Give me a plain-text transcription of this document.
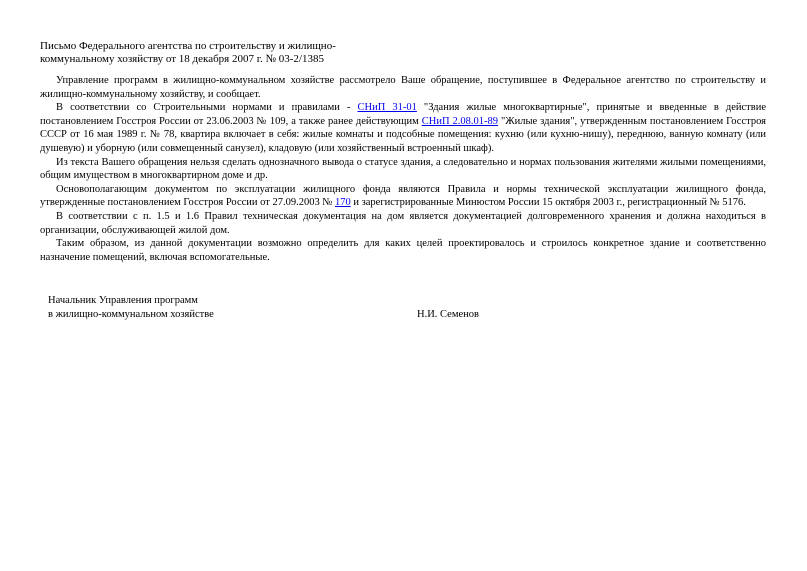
Письмо Федерального агентства по строительству и жилищно-
коммунальному хозяйству от 18 декабря 2007 г. № 03-2/1385

Управление программ в жилищно-коммунальном хозяйстве рассмотрело Ваше обращение, поступившее в Федеральное агентство по строительству и жилищно-коммунальному хозяйству, и сообщает.

В соответствии со Строительными нормами и правилами - СНиП 31-01 "Здания жилые многоквартирные", принятые и введенные в действие постановлением Госстроя России от 23.06.2003 № 109, а также ранее действующим СНиП 2.08.01-89 "Жилые здания", утвержденным постановлением Госстроя СССР от 16 мая 1989 г. № 78, квартира включает в себя: жилые комнаты и подсобные помещения: кухню (или кухню-нишу), переднюю, ванную комнату (или душевую) и уборную (или совмещенный санузел), кладовую (или хозяйственный встроенный шкаф).

Из текста Вашего обращения нельзя сделать однозначного вывода о статусе здания, а следовательно и нормах пользования жителями жилыми помещениями, общим имуществом в многоквартирном доме и др.

Основополагающим документом по эксплуатации жилищного фонда являются Правила и нормы технической эксплуатации жилищного фонда, утвержденные постановлением Госстроя России от 27.09.2003 № 170 и зарегистрированные Минюстом России 15 октября 2003 г., регистрационный № 5176.

В соответствии с п. 1.5 и 1.6 Правил техническая документация на дом является документацией долговременного хранения и должна находиться в организации, обслуживающей жилой дом.

Таким образом, из данной документации возможно определить для каких целей проектировалось и строилось конкретное здание и соответственно назначение помещений, включая вспомогательные.

Начальник Управления программ
в жилищно-коммунальном хозяйстве	Н.И. Семенов
